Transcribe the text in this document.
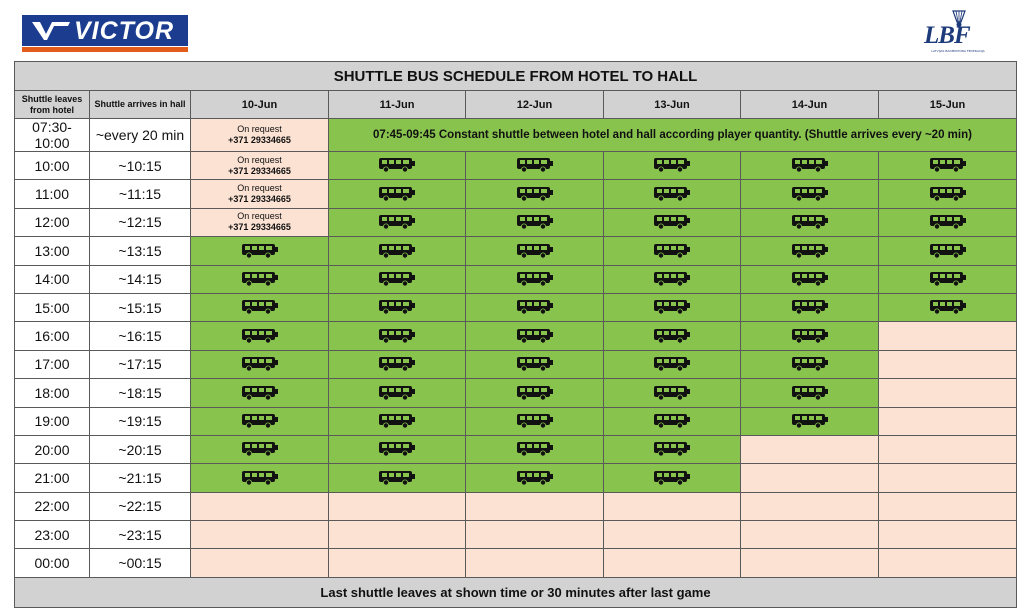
VICTOR	LBF
LATVIJAS BADMINTONA FEDERĀCIJA
SHUTTLE BUS SCHEDULE FROM HOTEL TO HALL							
Shuttle leaves from hotel	Shuttle arrives in hall	10-Jun	11-Jun	12-Jun	13-Jun	14-Jun	15-Jun
07:30-10:00	~every 20 min	On request
+371 29334665	07:45-09:45 Constant shuttle between hotel and hall according player quantity. (Shuttle arrives every ~20 min)				
10:00	~10:15	On request
+371 29334665

11:00	~11:15	On request
+371 29334665

12:00	~12:15	On request
+371 29334665

13:00	~13:15						
14:00	~14:15						
15:00	~15:15						
16:00	~16:15						
17:00	~17:15						
18:00	~18:15						
19:00	~19:15						
20:00	~20:15						
21:00	~21:15						
22:00	~22:15						
23:00	~23:15						
00:00	~00:15						
Last shuttle leaves at shown time or 30 minutes after last game							
